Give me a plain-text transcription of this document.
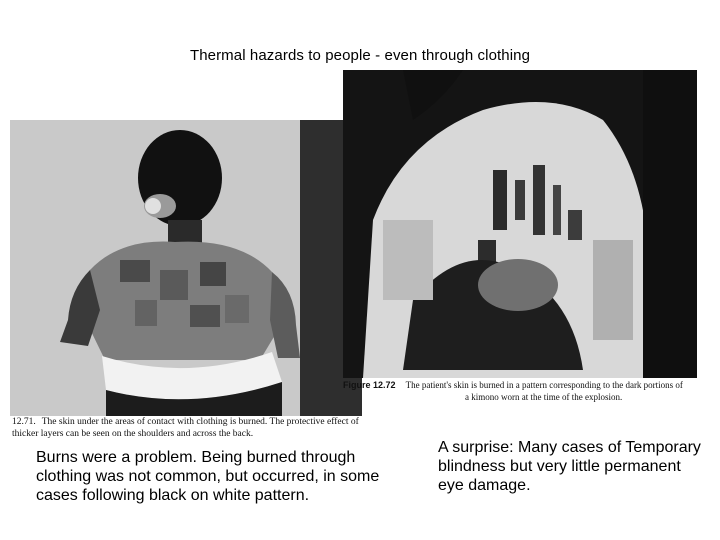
Thermal hazards to people - even through clothing
Figure 12.72 The patient's skin is burned in a pattern corresponding to the dark portions of
a kimono worn at the time of the explosion.
12.71. The skin under the areas of contact with clothing is burned. The protective effect of thicker layers can be seen on the shoulders and across the back.
Burns were a problem. Being burned through clothing was not common, but occurred, in some cases following black on white pattern.
A surprise: Many cases of Temporary blindness but very little permanent eye damage.
